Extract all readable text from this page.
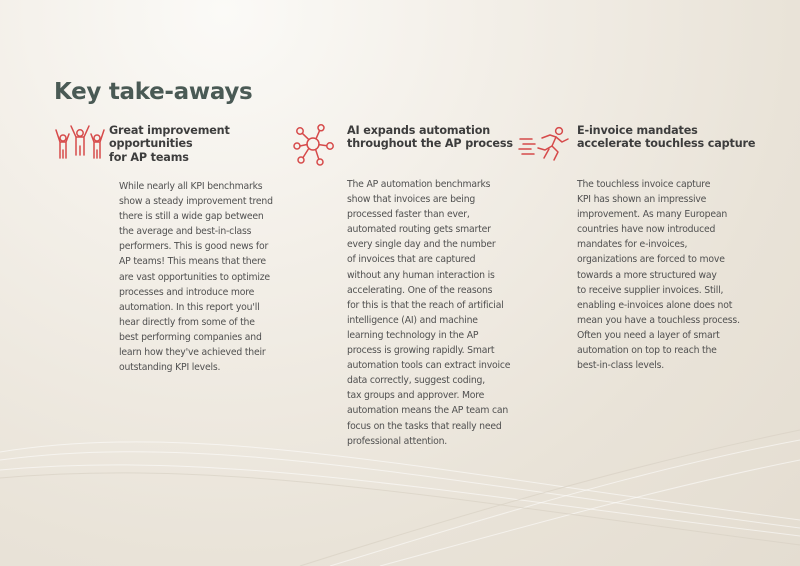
Key take-aways
Great improvement
opportunities
for AP teams
While nearly all KPI benchmarks
show a steady improvement trend
there is still a wide gap between
the average and best-in-class
performers. This is good news for
AP teams! This means that there
are vast opportunities to optimize
processes and introduce more
automation. In this report you'll
hear directly from some of the
best performing companies and
learn how they've achieved their
outstanding KPI levels.
AI expands automation
throughout the AP process
The AP automation benchmarks
show that invoices are being
processed faster than ever,
automated routing gets smarter
every single day and the number
of invoices that are captured
without any human interaction is
accelerating. One of the reasons
for this is that the reach of artificial
intelligence (AI) and machine
learning technology in the AP
process is growing rapidly. Smart
automation tools can extract invoice
data correctly, suggest coding,
tax groups and approver. More
automation means the AP team can
focus on the tasks that really need
professional attention.
E-invoice mandates
accelerate touchless capture
The touchless invoice capture
KPI has shown an impressive
improvement. As many European
countries have now introduced
mandates for e-invoices,
organizations are forced to move
towards a more structured way
to receive supplier invoices. Still,
enabling e-invoices alone does not
mean you have a touchless process.
Often you need a layer of smart
automation on top to reach the
best-in-class levels.
